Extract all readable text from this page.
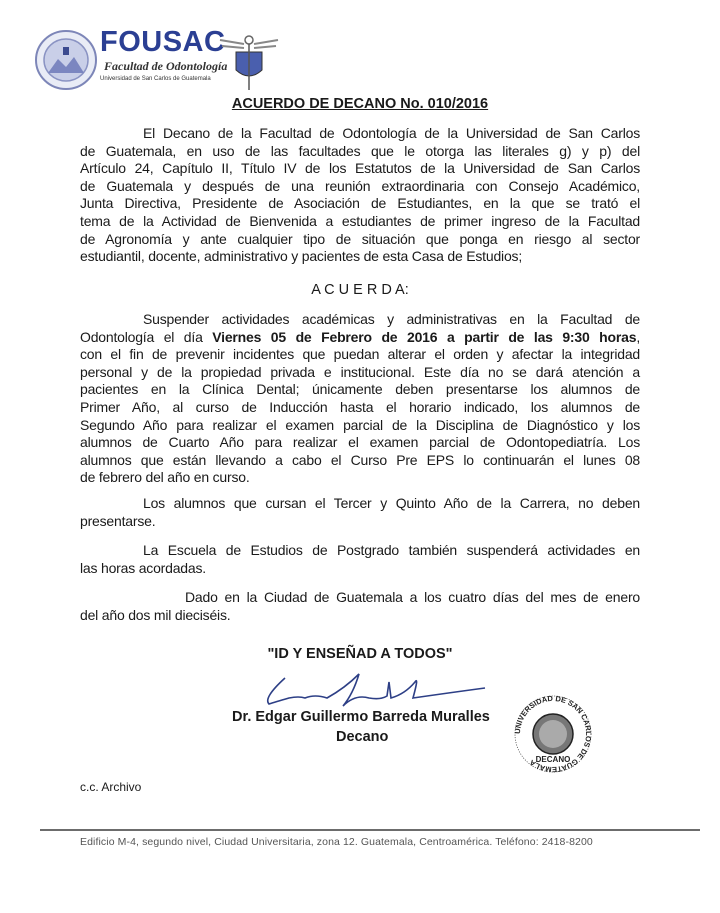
FOUSAC
Facultad de Odontología
Universidad de San Carlos de Guatemala
ACUERDO DE DECANO No. 010/2016
El Decano de la Facultad de Odontología de la Universidad de San Carlos
de Guatemala, en uso de las facultades que le otorga las literales g) y p) del
Artículo 24, Capítulo II, Título IV de los Estatutos de la Universidad de San Carlos
de Guatemala y después de una reunión extraordinaria con Consejo Académico,
Junta Directiva, Presidente de Asociación de Estudiantes, en la que se trató el
tema de la Actividad de Bienvenida a estudiantes de primer ingreso de la Facultad
de Agronomía y ante cualquier tipo de situación que ponga en riesgo al sector
estudiantil, docente, administrativo y pacientes de esta Casa de Estudios;
A C U E R D A:
Suspender actividades académicas y administrativas en la Facultad de
Odontología el día Viernes 05 de Febrero de 2016 a partir de las 9:30 horas,
con el fin de prevenir incidentes que puedan alterar el orden y afectar la integridad
personal y de la propiedad privada e institucional. Este día no se dará atención a
pacientes en la Clínica Dental; únicamente deben presentarse los alumnos de
Primer Año, al curso de Inducción hasta el horario indicado, los alumnos de
Segundo Año para realizar el examen parcial de la Disciplina de Diagnóstico y los
alumnos de Cuarto Año para realizar el examen parcial de Odontopediatría. Los
alumnos que están llevando a cabo el Curso Pre EPS lo continuarán el lunes 08
de febrero del año en curso.
Los alumnos que cursan el Tercer y Quinto Año de la Carrera, no deben
presentarse.
La Escuela de Estudios de Postgrado también suspenderá actividades en
las horas acordadas.
Dado en la Ciudad de Guatemala a los cuatro días del mes de enero
del año dos mil dieciséis.
"ID Y ENSEÑAD A TODOS"
Dr. Edgar Guillermo Barreda Muralles
Decano	UNIVERSIDAD DE SAN CARLOS DE GUATEMALA
DECANO
c.c. Archivo
Edificio M-4, segundo nivel, Ciudad Universitaria, zona 12. Guatemala, Centroamérica. Teléfono: 2418-8200
